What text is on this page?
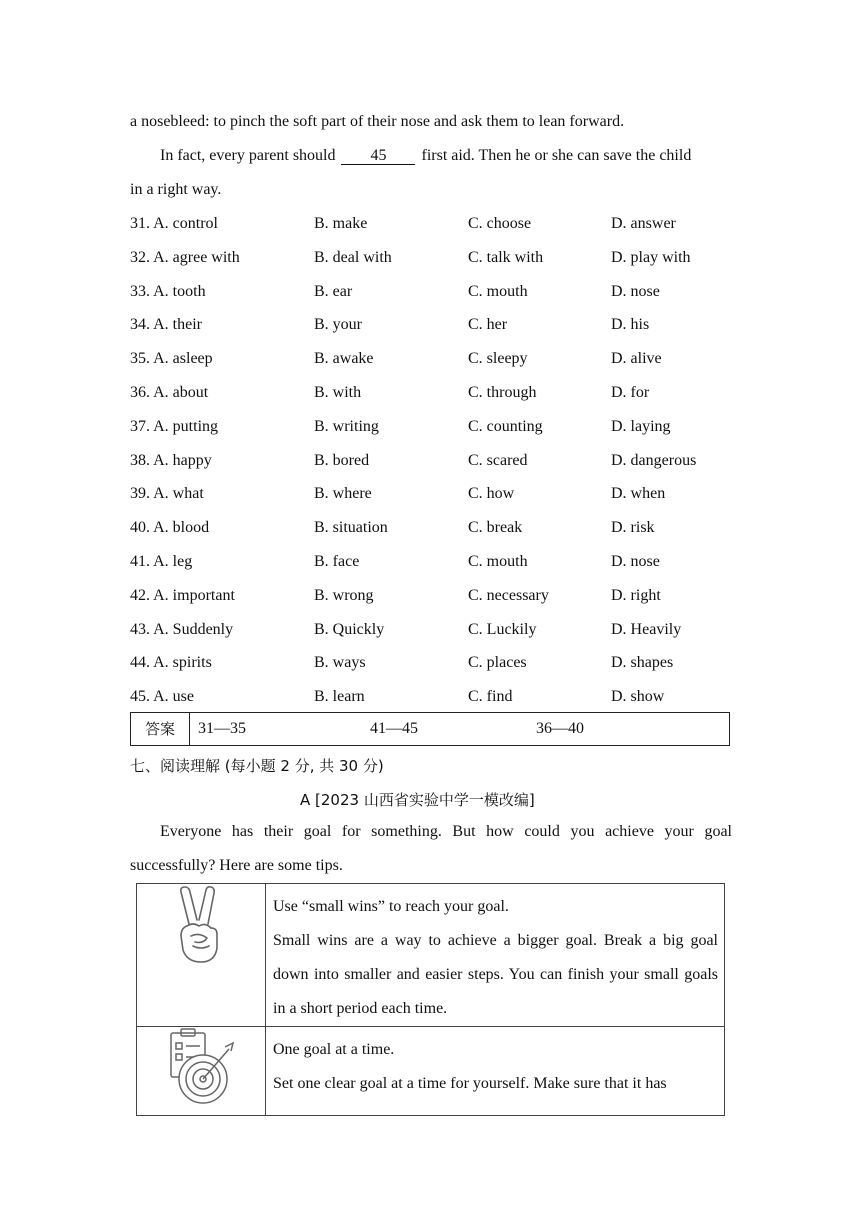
a nosebleed: to pinch the soft part of their nose and ask them to lean forward.
In fact, every parent should 45 first aid. Then he or she can save the child
in a right way.
31. A. control	B. make	C. choose	D. answer
32. A. agree with	B. deal with	C. talk with	D. play with
33. A. tooth	B. ear	C. mouth	D. nose
34. A. their	B. your	C. her	D. his
35. A. asleep	B. awake	C. sleepy	D. alive
36. A. about	B. with	C. through	D. for
37. A. putting	B. writing	C. counting	D. laying
38. A. happy	B. bored	C. scared	D. dangerous
39. A. what	B. where	C. how	D. when
40. A. blood	B. situation	C. break	D. risk
41. A. leg	B. face	C. mouth	D. nose
42. A. important	B. wrong	C. necessary	D. right
43. A. Suddenly	B. Quickly	C. Luckily	D. Heavily
44. A. spirits	B. ways	C. places	D. shapes
45. A. use	B. learn	C. find	D. show
答案	31—35	41—45	36—40
七、阅读理解 (每小题 2 分, 共 30 分)
A [2023 山西省实验中学一模改编]
Everyone has their goal for something. But how could you achieve your goal successfully? Here are some tips.

Use “small wins” to reach your goal.

Small wins are a way to achieve a bigger goal. Break a big goal down into smaller and easier steps. You can finish your small goals in a short period each time.

One goal at a time.

Set one clear goal at a time for yourself. Make sure that it has
